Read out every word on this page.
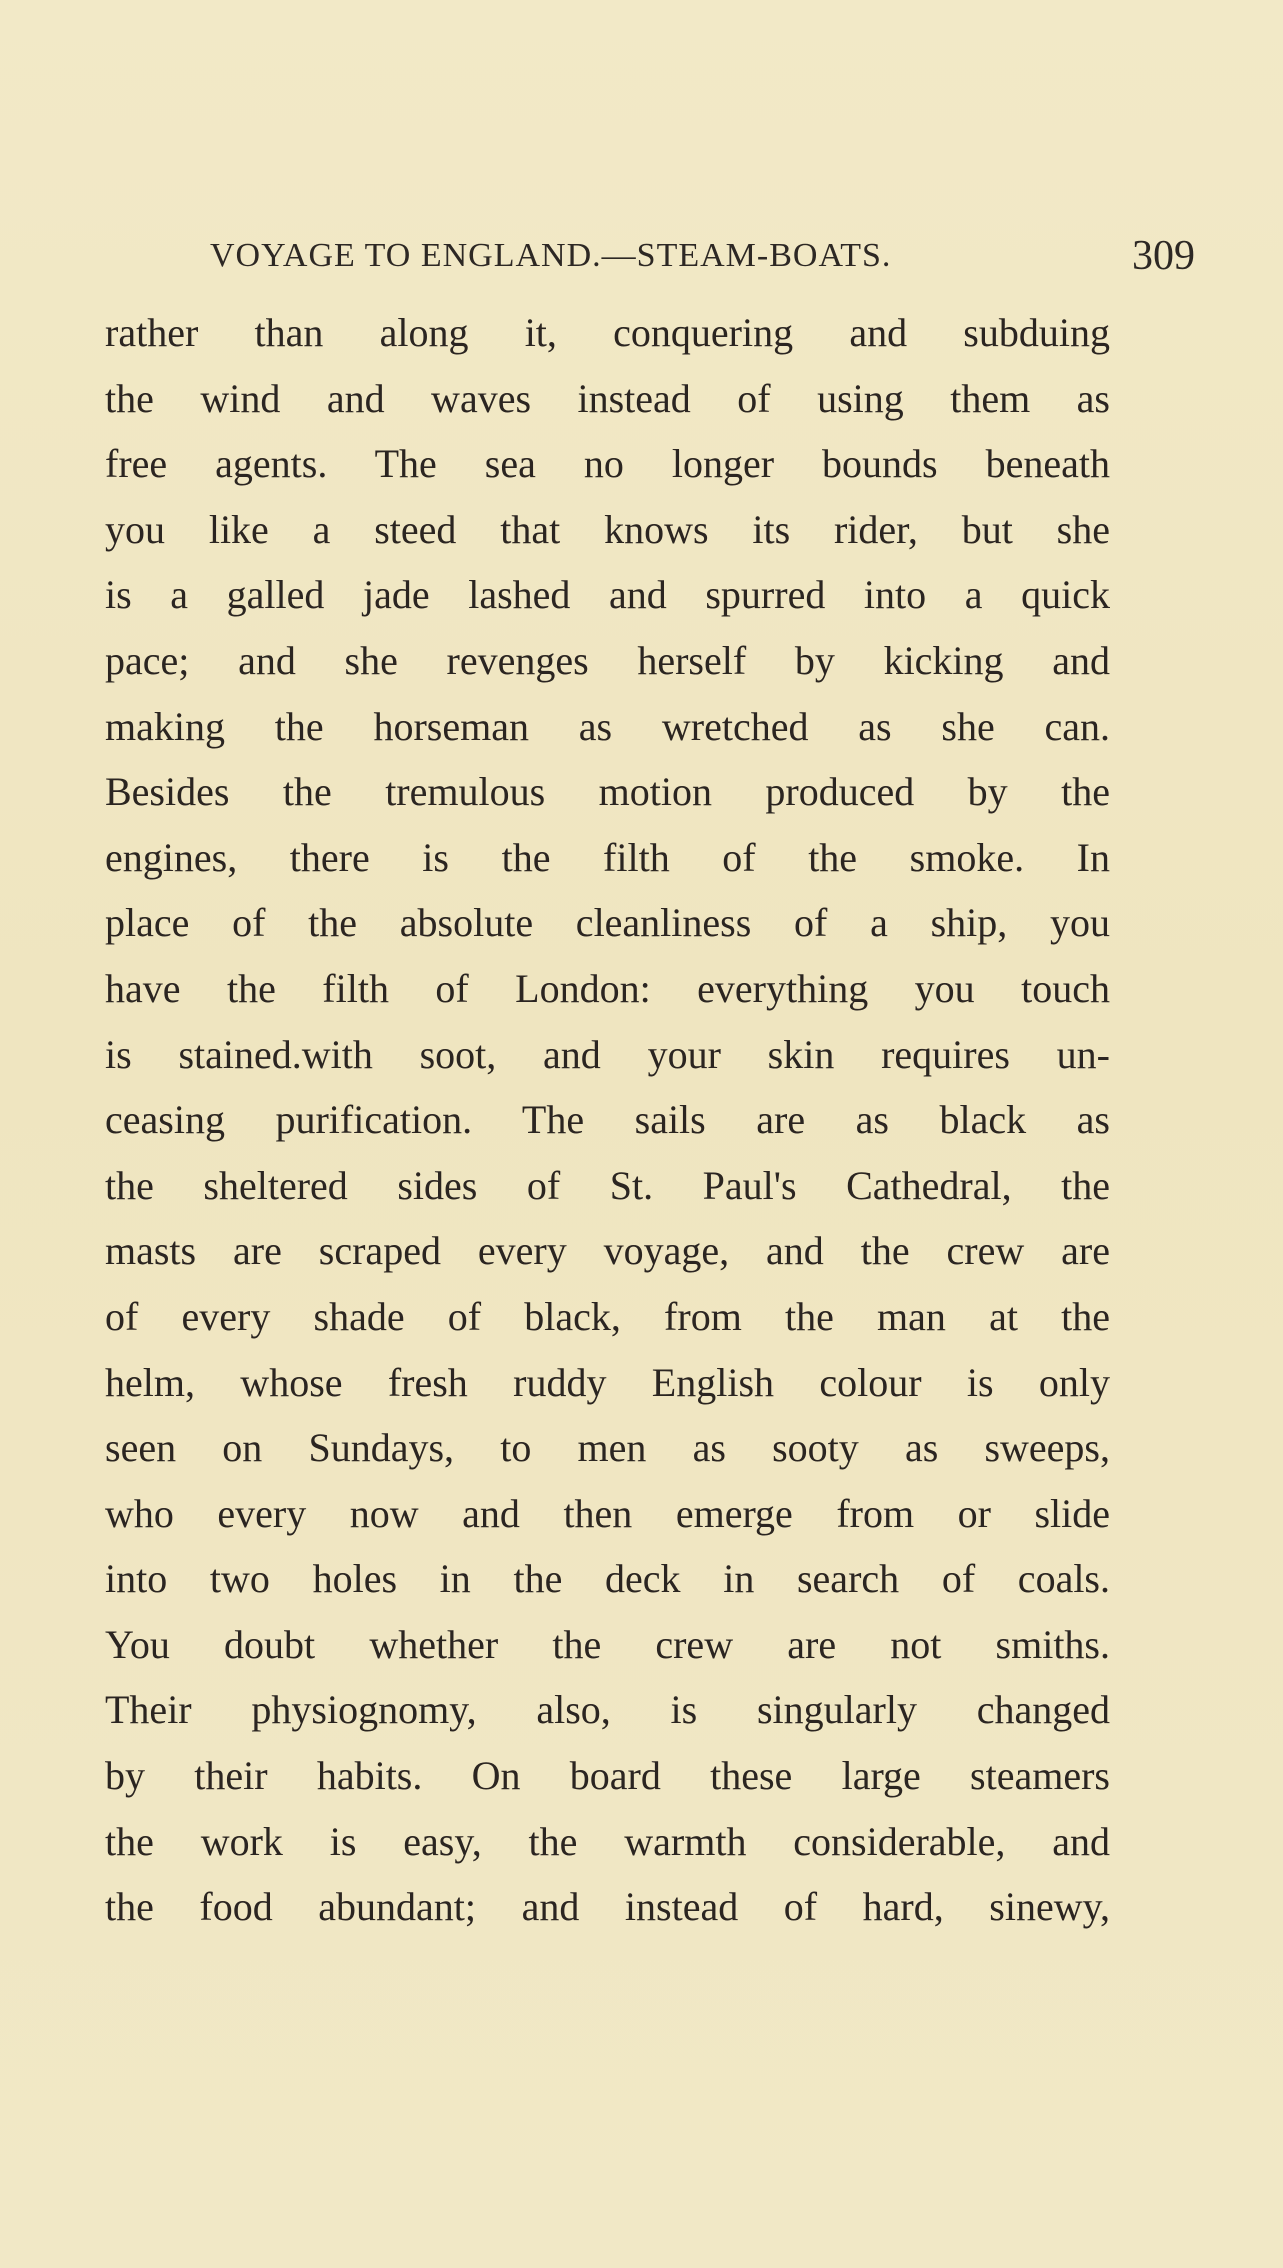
VOYAGE TO ENGLAND.—STEAM-BOATS.	309
rather than along it, conquering and subduing
the wind and waves instead of using them as
free agents. The sea no longer bounds beneath
you like a steed that knows its rider, but she
is a galled jade lashed and spurred into a quick
pace; and she revenges herself by kicking and
making the horseman as wretched as she can.
Besides the tremulous motion produced by the
engines, there is the filth of the smoke. In
place of the absolute cleanliness of a ship, you
have the filth of London: everything you touch
is stained.with soot, and your skin requires un-
ceasing purification. The sails are as black as
the sheltered sides of St. Paul's Cathedral, the
masts are scraped every voyage, and the crew are
of every shade of black, from the man at the
helm, whose fresh ruddy English colour is only
seen on Sundays, to men as sooty as sweeps,
who every now and then emerge from or slide
into two holes in the deck in search of coals.
You doubt whether the crew are not smiths.
Their physiognomy, also, is singularly changed
by their habits. On board these large steamers
the work is easy, the warmth considerable, and
the food abundant; and instead of hard, sinewy,
